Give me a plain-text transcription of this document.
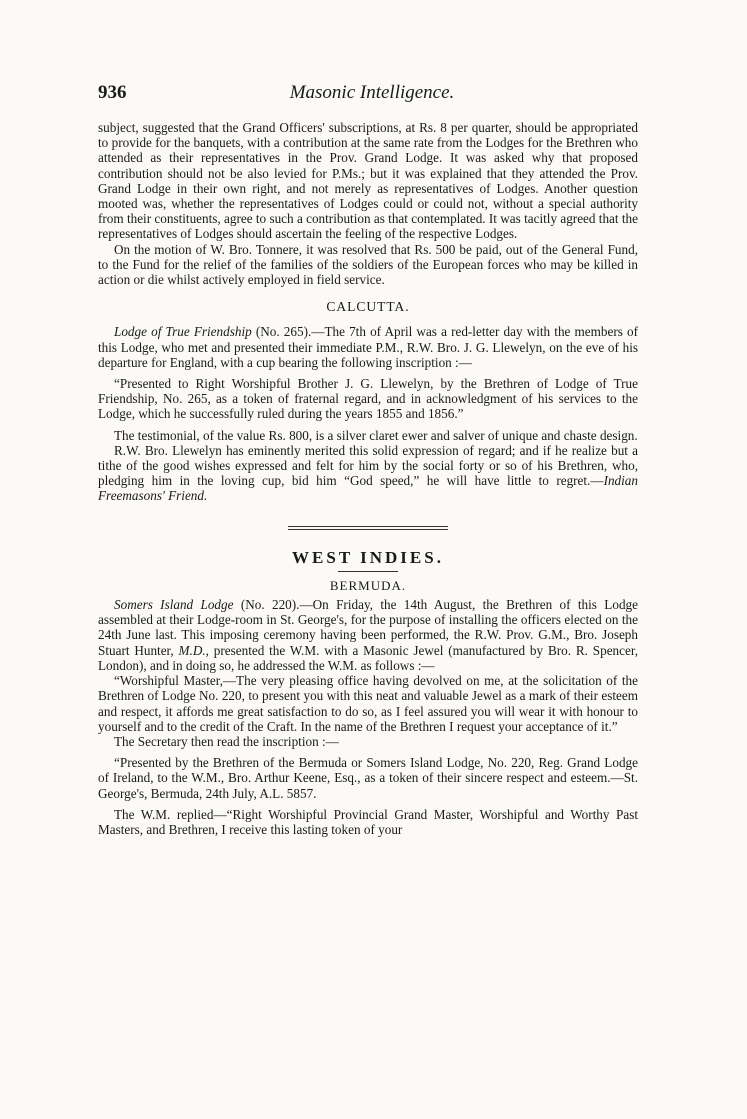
936	Masonic Intelligence.

subject, suggested that the Grand Officers' subscriptions, at Rs. 8 per quarter, should be appropriated to provide for the banquets, with a contribution at the same rate from the Lodges for the Brethren who attended as their representatives in the Prov. Grand Lodge. It was asked why that proposed contribution should not be also levied for P.Ms.; but it was explained that they attended the Prov. Grand Lodge in their own right, and not merely as representatives of Lodges. Another question mooted was, whether the representatives of Lodges could or could not, without a special authority from their constituents, agree to such a contribution as that contemplated. It was tacitly agreed that the representatives of Lodges should ascertain the feeling of the respective Lodges.

On the motion of W. Bro. Tonnere, it was resolved that Rs. 500 be paid, out of the General Fund, to the Fund for the relief of the families of the soldiers of the European forces who may be killed in action or die whilst actively employed in field service.

CALCUTTA.

Lodge of True Friendship (No. 265).—The 7th of April was a red-letter day with the members of this Lodge, who met and presented their immediate P.M., R.W. Bro. J. G. Llewelyn, on the eve of his departure for England, with a cup bearing the following inscription :—

“Presented to Right Worshipful Brother J. G. Llewelyn, by the Brethren of Lodge of True Friendship, No. 265, as a token of fraternal regard, and in acknowledgment of his services to the Lodge, which he successfully ruled during the years 1855 and 1856.”

The testimonial, of the value Rs. 800, is a silver claret ewer and salver of unique and chaste design.

R.W. Bro. Llewelyn has eminently merited this solid expression of regard; and if he realize but a tithe of the good wishes expressed and felt for him by the social forty or so of his Brethren, who, pledging him in the loving cup, bid him “God speed,” he will have little to regret.—Indian Freemasons' Friend.

WEST INDIES.
BERMUDA.

Somers Island Lodge (No. 220).—On Friday, the 14th August, the Brethren of this Lodge assembled at their Lodge-room in St. George's, for the purpose of installing the officers elected on the 24th June last. This imposing ceremony having been performed, the R.W. Prov. G.M., Bro. Joseph Stuart Hunter, M.D., presented the W.M. with a Masonic Jewel (manufactured by Bro. R. Spencer, London), and in doing so, he addressed the W.M. as follows :—

“Worshipful Master,—The very pleasing office having devolved on me, at the solicitation of the Brethren of Lodge No. 220, to present you with this neat and valuable Jewel as a mark of their esteem and respect, it affords me great satisfaction to do so, as I feel assured you will wear it with honour to yourself and to the credit of the Craft. In the name of the Brethren I request your acceptance of it.”

The Secretary then read the inscription :—

“Presented by the Brethren of the Bermuda or Somers Island Lodge, No. 220, Reg. Grand Lodge of Ireland, to the W.M., Bro. Arthur Keene, Esq., as a token of their sincere respect and esteem.—St. George's, Bermuda, 24th July, A.L. 5857.

The W.M. replied—“Right Worshipful Provincial Grand Master, Worshipful and Worthy Past Masters, and Brethren, I receive this lasting token of your
